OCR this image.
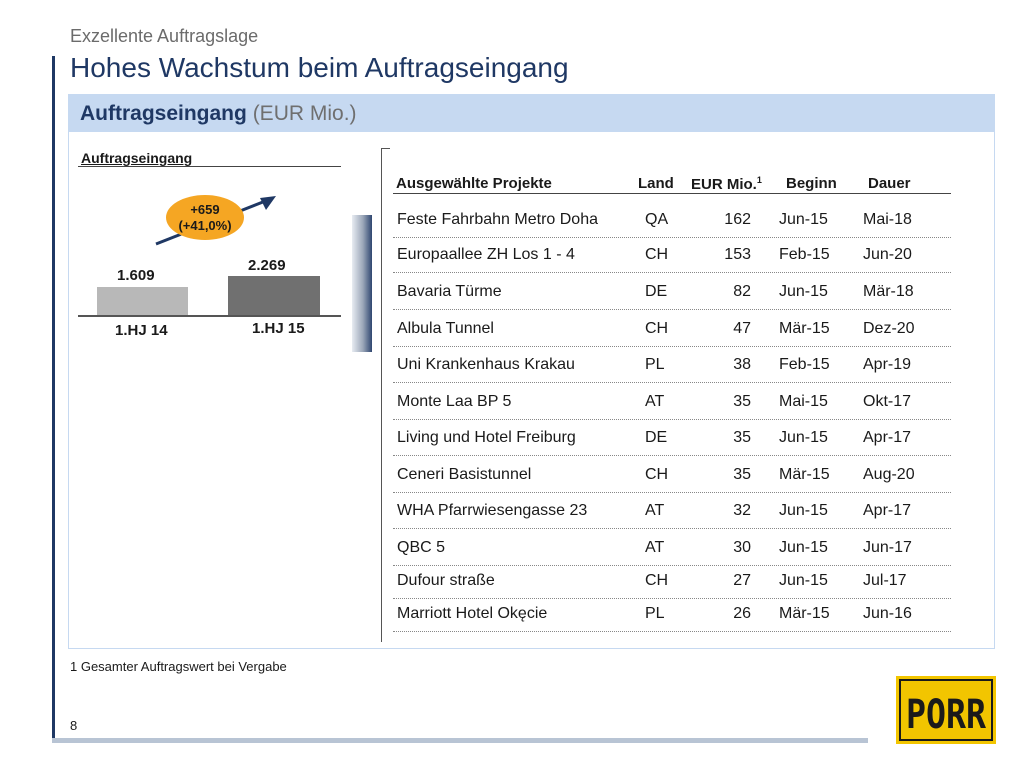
Exzellente Auftragslage
Hohes Wachstum beim Auftragseingang
Auftragseingang (EUR Mio.)
Auftragseingang
1.609
2.269
1.HJ 14	1.HJ 15
+659
(+41,0%)
Ausgewählte Projekte	Land EUR Mio.$^1$ Beginn Dauer
Feste Fahrbahn Metro Doha	QA	162 Jun-15 Mai-18
Europaallee ZH Los 1 - 4	CH	153 Feb-15 Jun-20
Bavaria Türme	DE	82 Jun-15 Mär-18
Albula Tunnel	CH	47 Mär-15 Dez-20
Uni Krankenhaus Krakau	PL	38 Feb-15 Apr-19
Monte Laa BP 5	AT	35 Mai-15 Okt-17
Living und Hotel Freiburg	DE	35 Jun-15 Apr-17
Ceneri Basistunnel	CH	35 Mär-15 Aug-20
WHA Pfarrwiesengasse 23	AT	32 Jun-15 Apr-17
QBC 5	AT	30 Jun-15 Jun-17
Dufour straße	CH	27 Jun-15 Jul-17
Marriott Hotel Okęcie	PL	26 Mär-15 Jun-16
1 Gesamter Auftragswert bei Vergabe
8	PORR
